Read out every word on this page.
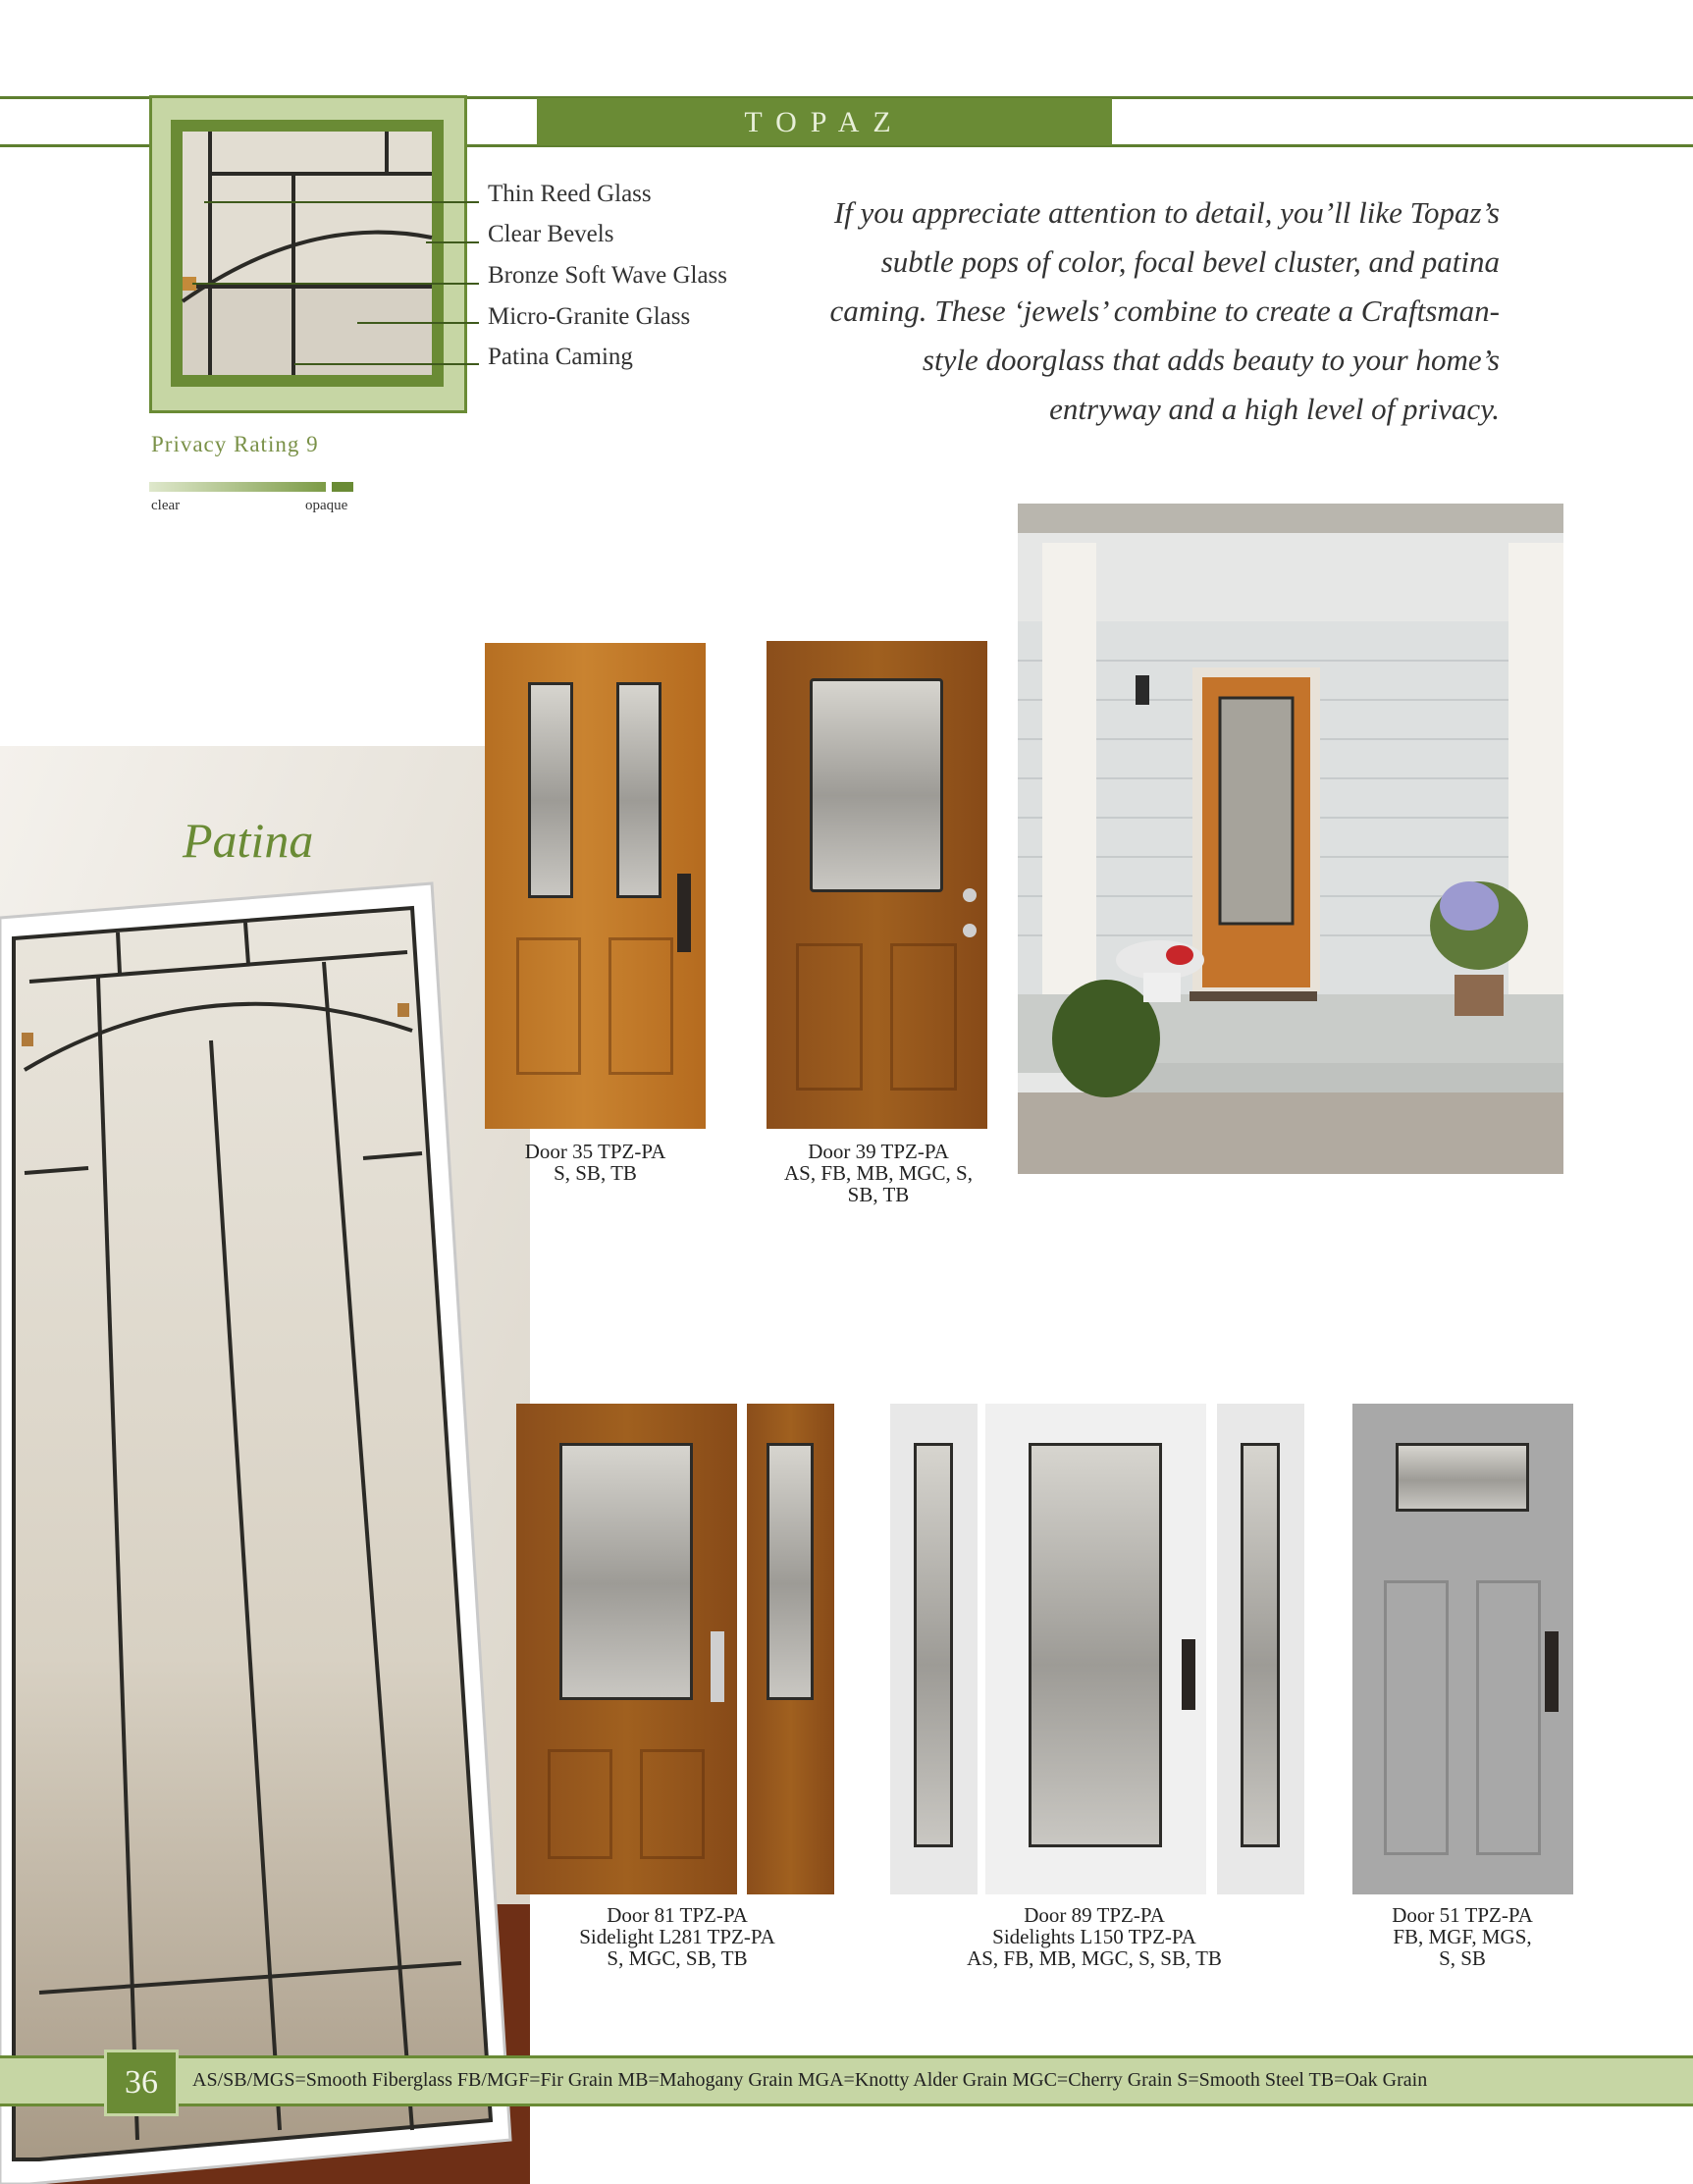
TOPAZ
Thin Reed Glass
Clear Bevels
Bronze Soft Wave Glass
Micro-Granite Glass
Patina Caming
If you appreciate attention to detail, you’ll like Topaz’s subtle pops of color, focal bevel cluster, and patina caming. These ‘jewels’ combine to create a Craftsman-style doorglass that adds beauty to your home’s entryway and a high level of privacy.
Privacy Rating 9
clear	opaque
Patina
Door 35 TPZ-PA
S, SB, TB
Door 39 TPZ-PA
AS, FB, MB, MGC, S,
SB, TB
Door 81 TPZ-PA
Sidelight L281 TPZ-PA
S, MGC, SB, TB
Door 89 TPZ-PA
Sidelights L150 TPZ-PA
AS, FB, MB, MGC, S, SB, TB
Door 51 TPZ-PA
FB, MGF, MGS,
S, SB
36	AS/SB/MGS=Smooth Fiberglass FB/MGF=Fir Grain MB=Mahogany Grain MGA=Knotty Alder Grain MGC=Cherry Grain S=Smooth Steel TB=Oak Grain
